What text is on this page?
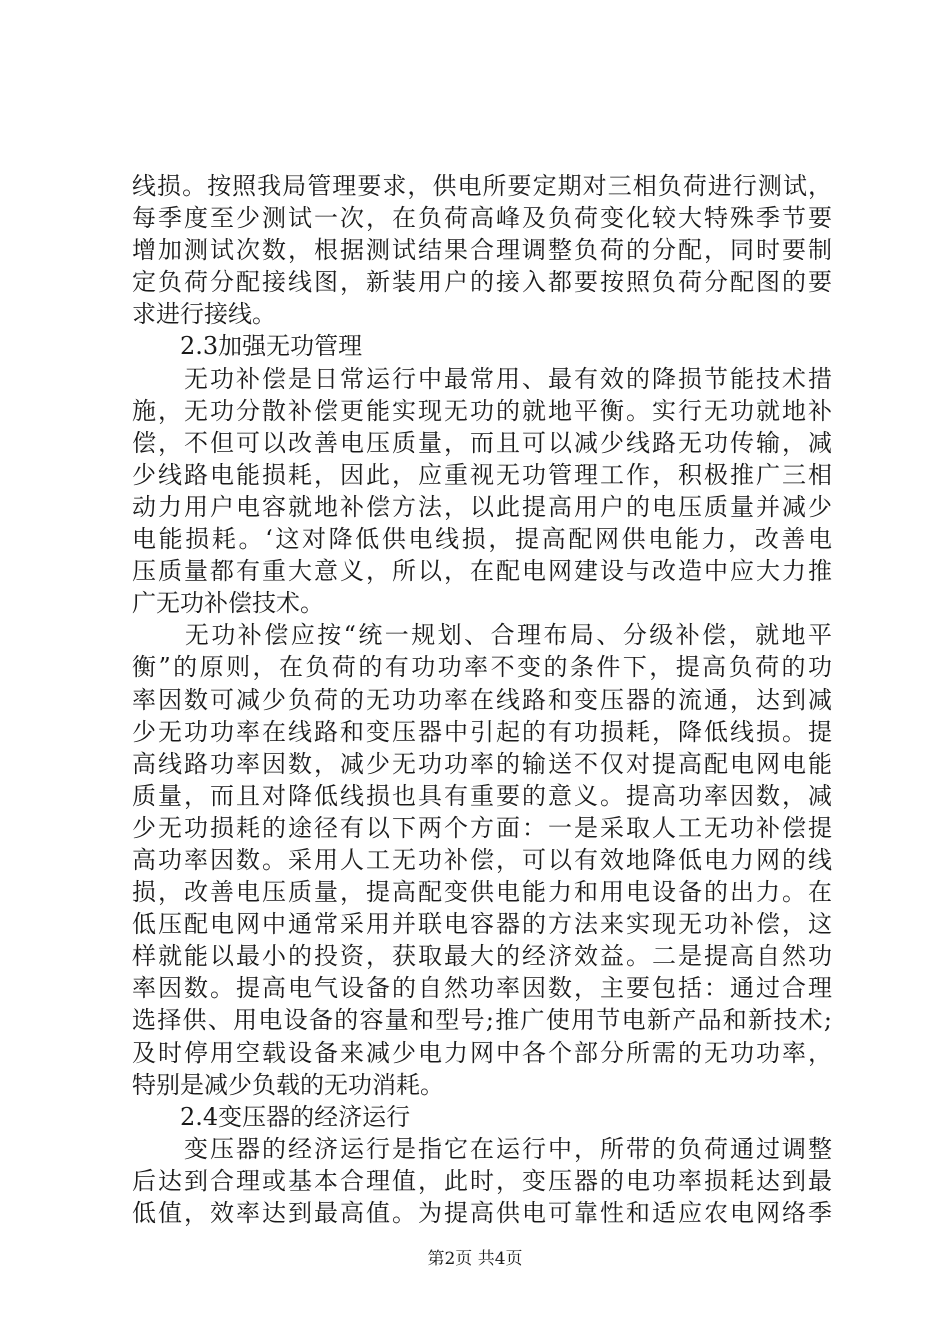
线损。按照我局管理要求，供电所要定期对三相负荷进行测试，
每季度至少测试一次，在负荷高峰及负荷变化较大特殊季节要
增加测试次数，根据测试结果合理调整负荷的分配，同时要制
定负荷分配接线图，新装用户的接入都要按照负荷分配图的要
求进行接线。
2.3加强无功管理
　　无功补偿是日常运行中最常用、最有效的降损节能技术措
施，无功分散补偿更能实现无功的就地平衡。实行无功就地补
偿，不但可以改善电压质量，而且可以减少线路无功传输，减
少线路电能损耗，因此，应重视无功管理工作，积极推广三相
动力用户电容就地补偿方法，以此提高用户的电压质量并减少
电能损耗。‘这对降低供电线损，提高配网供电能力，改善电
压质量都有重大意义，所以，在配电网建设与改造中应大力推
广无功补偿技术。
　　无功补偿应按“统一规划、合理布局、分级补偿，就地平
衡”的原则，在负荷的有功功率不变的条件下，提高负荷的功
率因数可减少负荷的无功功率在线路和变压器的流通，达到减
少无功功率在线路和变压器中引起的有功损耗，降低线损。提
高线路功率因数，减少无功功率的输送不仅对提高配电网电能
质量，而且对降低线损也具有重要的意义。提高功率因数，减
少无功损耗的途径有以下两个方面：一是采取人工无功补偿提
高功率因数。采用人工无功补偿，可以有效地降低电力网的线
损，改善电压质量，提高配变供电能力和用电设备的出力。在
低压配电网中通常采用并联电容器的方法来实现无功补偿，这
样就能以最小的投资，获取最大的经济效益。二是提高自然功
率因数。提高电气设备的自然功率因数，主要包括：通过合理
选择供、用电设备的容量和型号;推广使用节电新产品和新技术;
及时停用空载设备来减少电力网中各个部分所需的无功功率，
特别是减少负载的无功消耗。
2.4变压器的经济运行
　　变压器的经济运行是指它在运行中，所带的负荷通过调整
后达到合理或基本合理值，此时，变压器的电功率损耗达到最
低值，效率达到最高值。为提高供电可靠性和适应农电网络季
第2页 共4页
